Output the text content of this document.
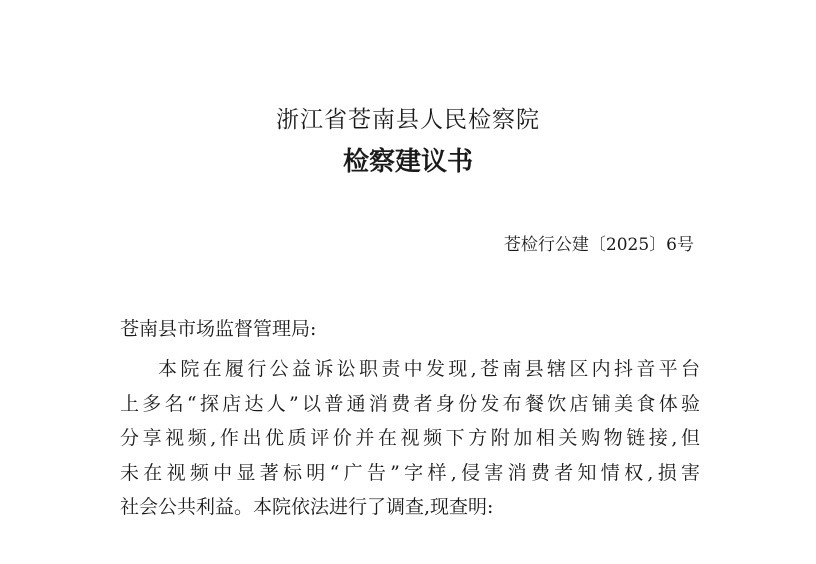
浙江省苍南县人民检察院
检察建议书
苍检行公建〔2025〕6号
苍南县市场监督管理局:
本院在履行公益诉讼职责中发现,苍南县辖区内抖音平台
上多名“探店达人”以普通消费者身份发布餐饮店铺美食体验
分享视频,作出优质评价并在视频下方附加相关购物链接,但
未在视频中显著标明“广告”字样,侵害消费者知情权,损害
社会公共利益。本院依法进行了调查,现查明:
